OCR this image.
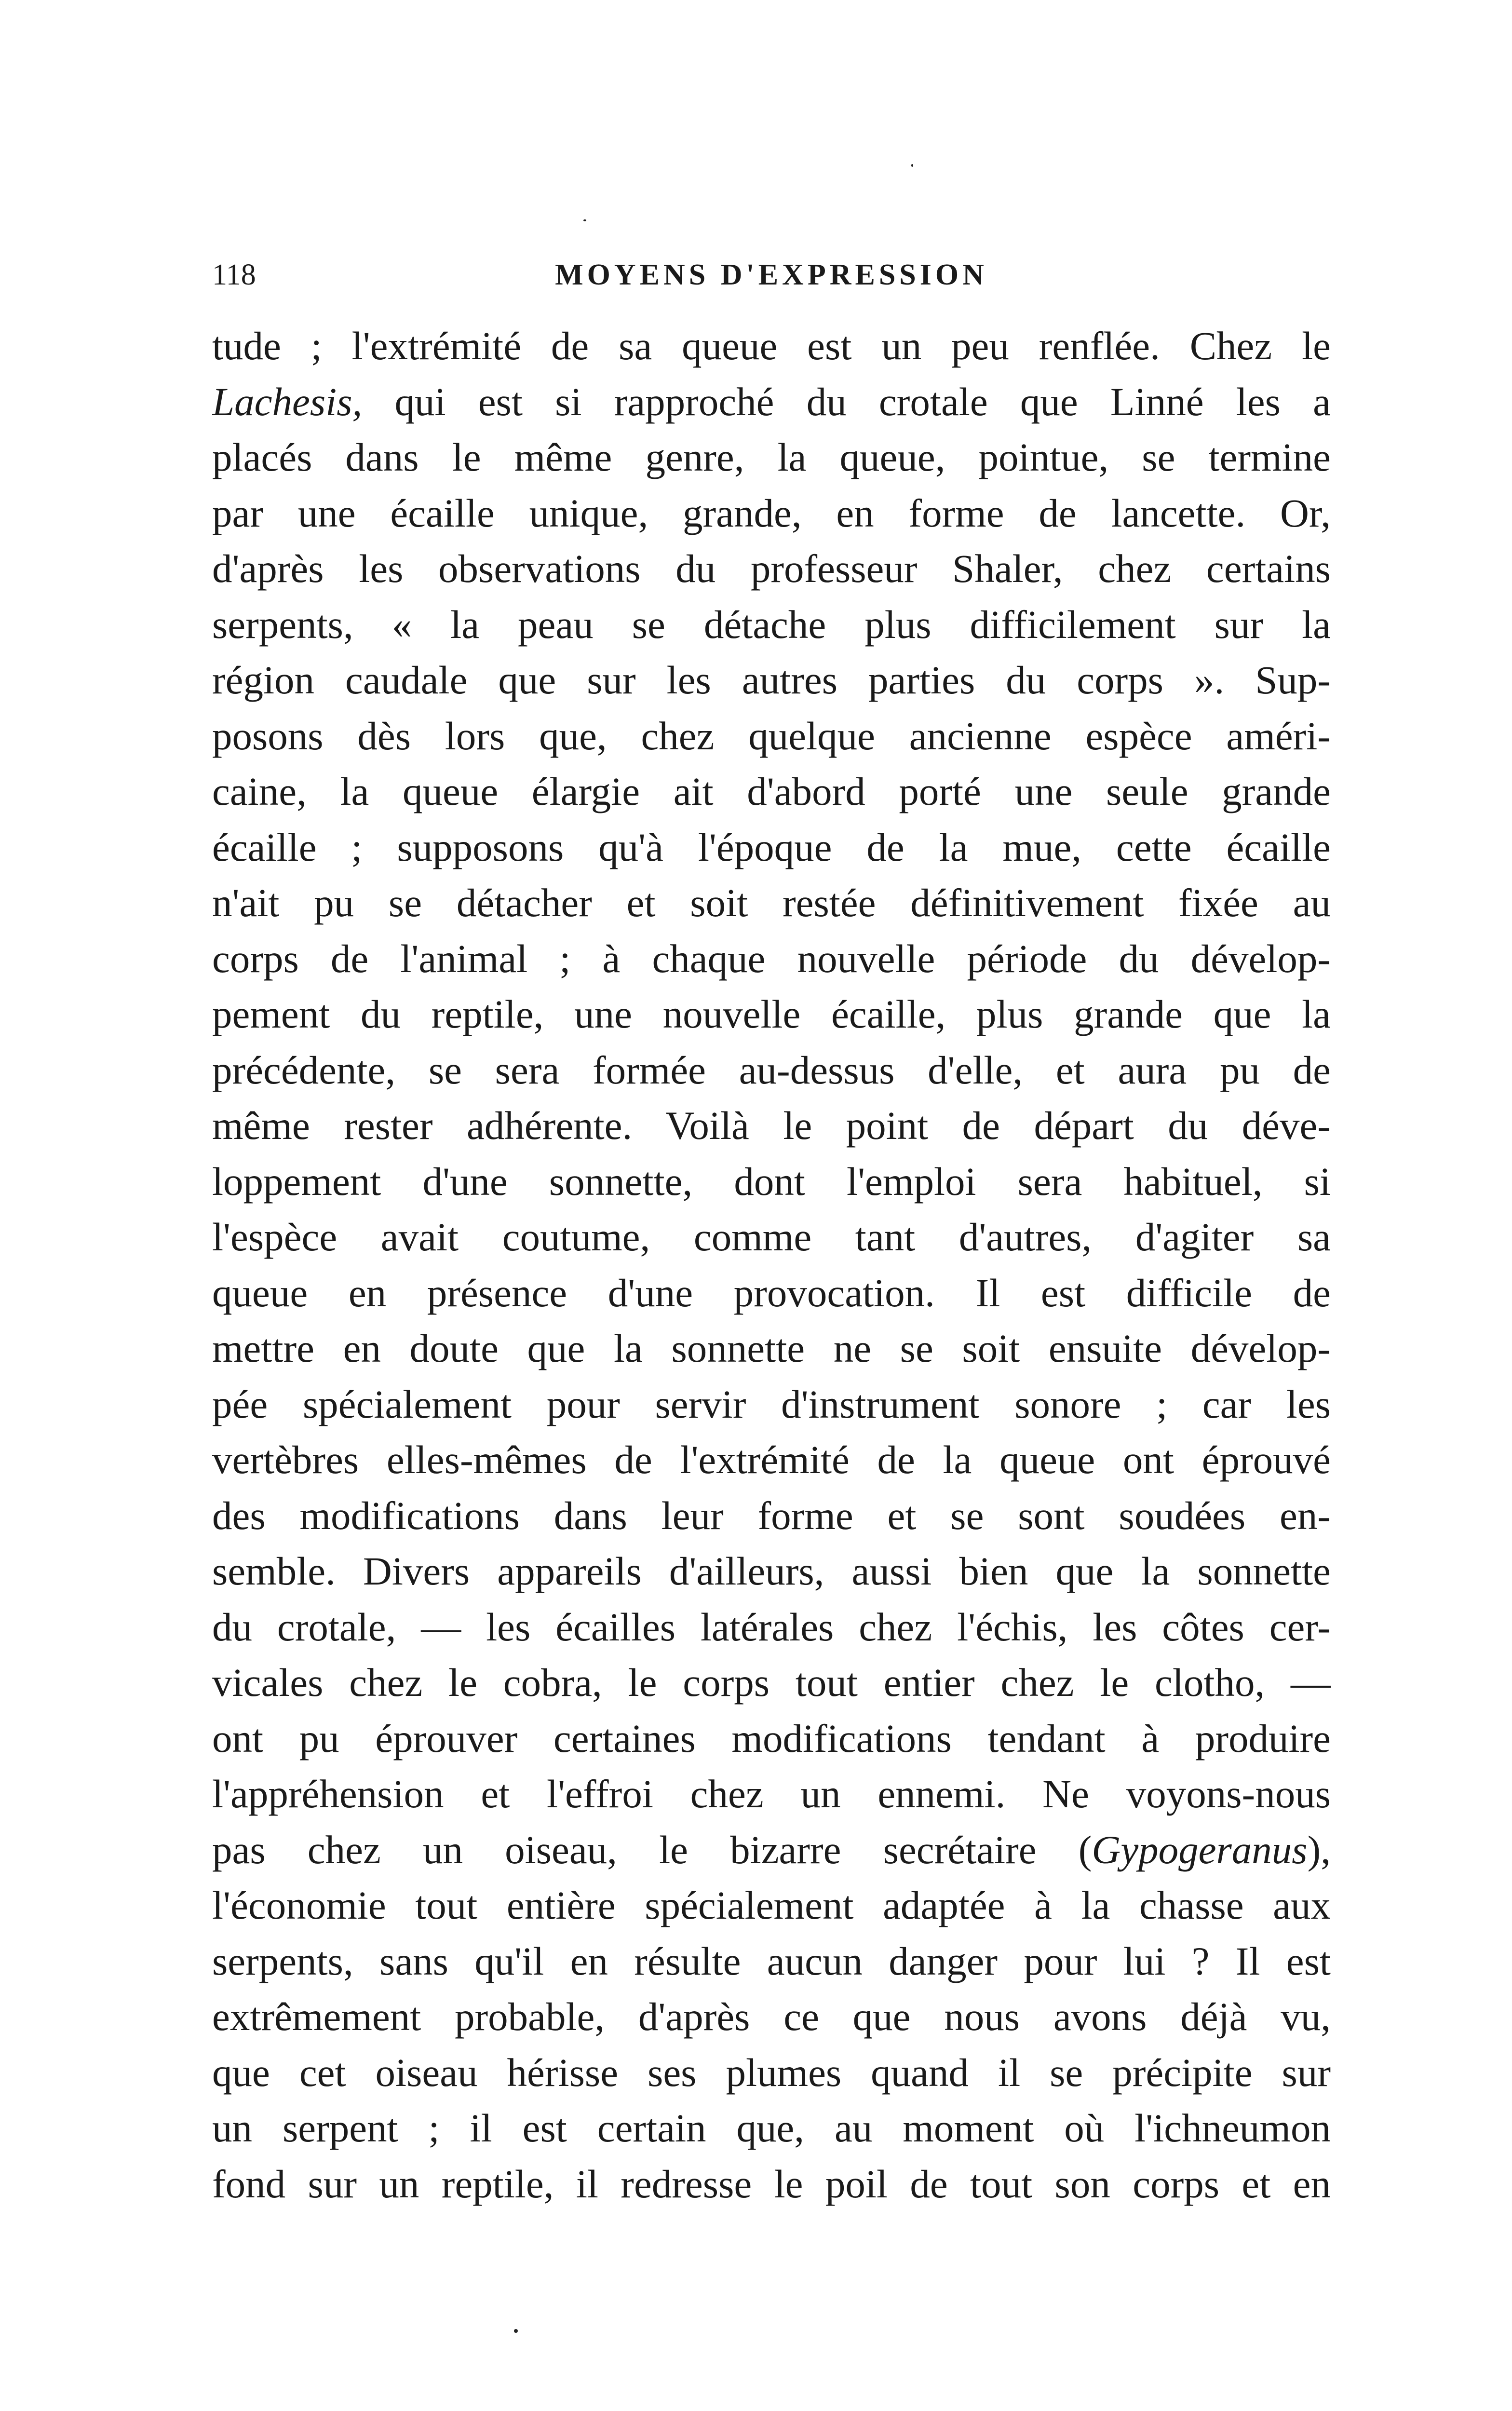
118	MOYENS D'EXPRESSION
tude ; l'extrémité de sa queue est un peu renflée. Chez le
Lachesis, qui est si rapproché du crotale que Linné les a
placés dans le même genre, la queue, pointue, se termine
par une écaille unique, grande, en forme de lancette. Or,
d'après les observations du professeur Shaler, chez certains
serpents, « la peau se détache plus difficilement sur la
région caudale que sur les autres parties du corps ». Sup-
posons dès lors que, chez quelque ancienne espèce améri-
caine, la queue élargie ait d'abord porté une seule grande
écaille ; supposons qu'à l'époque de la mue, cette écaille
n'ait pu se détacher et soit restée définitivement fixée au
corps de l'animal ; à chaque nouvelle période du dévelop-
pement du reptile, une nouvelle écaille, plus grande que la
précédente, se sera formée au-dessus d'elle, et aura pu de
même rester adhérente. Voilà le point de départ du déve-
loppement d'une sonnette, dont l'emploi sera habituel, si
l'espèce avait coutume, comme tant d'autres, d'agiter sa
queue en présence d'une provocation. Il est difficile de
mettre en doute que la sonnette ne se soit ensuite dévelop-
pée spécialement pour servir d'instrument sonore ; car les
vertèbres elles-mêmes de l'extrémité de la queue ont éprouvé
des modifications dans leur forme et se sont soudées en-
semble. Divers appareils d'ailleurs, aussi bien que la sonnette
du crotale, — les écailles latérales chez l'échis, les côtes cer-
vicales chez le cobra, le corps tout entier chez le clotho, —
ont pu éprouver certaines modifications tendant à produire
l'appréhension et l'effroi chez un ennemi. Ne voyons-nous
pas chez un oiseau, le bizarre secrétaire (Gypogeranus),
l'économie tout entière spécialement adaptée à la chasse aux
serpents, sans qu'il en résulte aucun danger pour lui ? Il est
extrêmement probable, d'après ce que nous avons déjà vu,
que cet oiseau hérisse ses plumes quand il se précipite sur
un serpent ; il est certain que, au moment où l'ichneumon
fond sur un reptile, il redresse le poil de tout son corps et en
